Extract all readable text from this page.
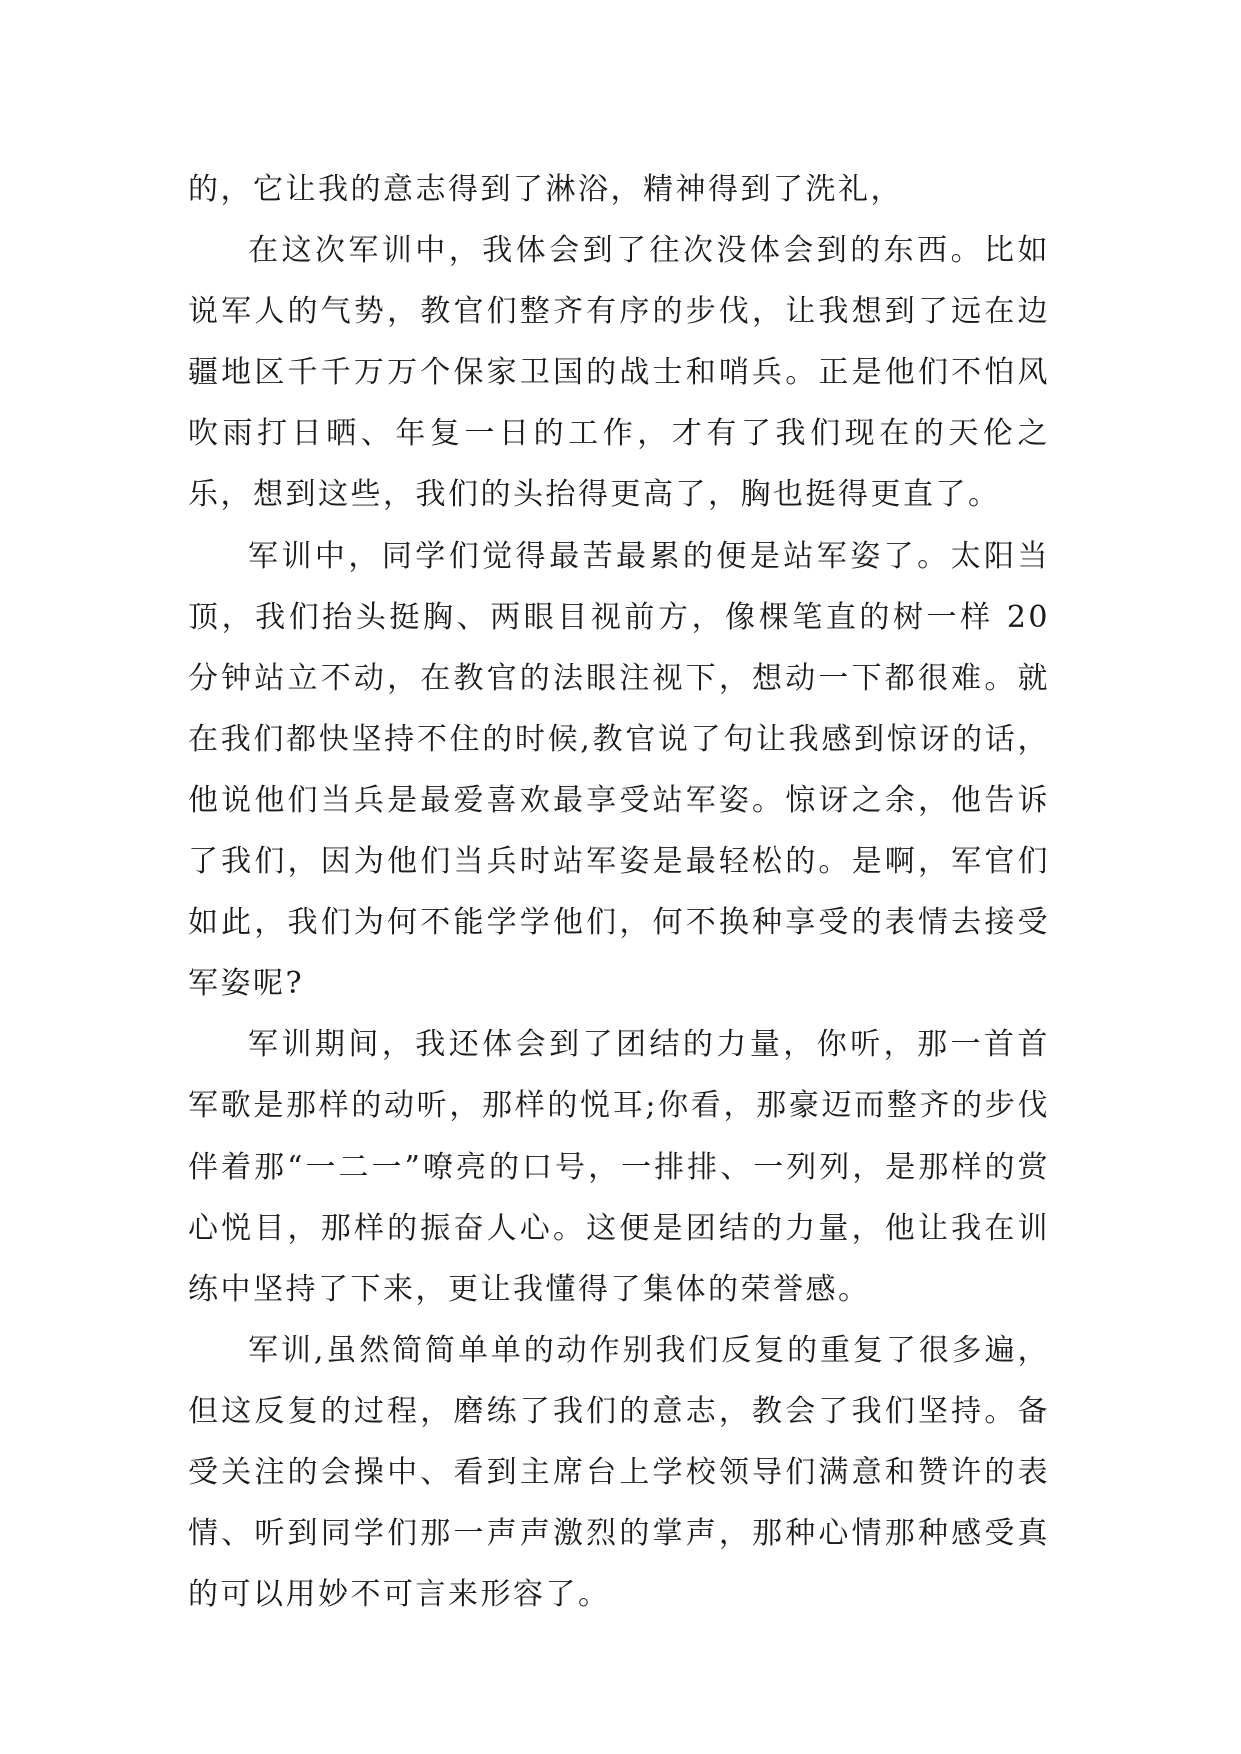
的，它让我的意志得到了淋浴，精神得到了洗礼，

在这次军训中，我体会到了往次没体会到的东西。比如说军人的气势，教官们整齐有序的步伐，让我想到了远在边疆地区千千万万个保家卫国的战士和哨兵。正是他们不怕风吹雨打日晒、年复一日的工作，才有了我们现在的天伦之乐，想到这些，我们的头抬得更高了，胸也挺得更直了。

军训中，同学们觉得最苦最累的便是站军姿了。太阳当顶，我们抬头挺胸、两眼目视前方，像棵笔直的树一样 20 分钟站立不动，在教官的法眼注视下，想动一下都很难。就在我们都快坚持不住的时候,教官说了句让我感到惊讶的话，他说他们当兵是最爱喜欢最享受站军姿。惊讶之余，他告诉了我们，因为他们当兵时站军姿是最轻松的。是啊，军官们如此，我们为何不能学学他们，何不换种享受的表情去接受军姿呢?

军训期间，我还体会到了团结的力量，你听，那一首首军歌是那样的动听，那样的悦耳;你看，那豪迈而整齐的步伐伴着那“一二一”嘹亮的口号，一排排、一列列，是那样的赏心悦目，那样的振奋人心。这便是团结的力量，他让我在训练中坚持了下来，更让我懂得了集体的荣誉感。

军训,虽然简简单单的动作别我们反复的重复了很多遍，但这反复的过程，磨练了我们的意志，教会了我们坚持。备受关注的会操中、看到主席台上学校领导们满意和赞许的表情、听到同学们那一声声激烈的掌声，那种心情那种感受真的可以用妙不可言来形容了。
